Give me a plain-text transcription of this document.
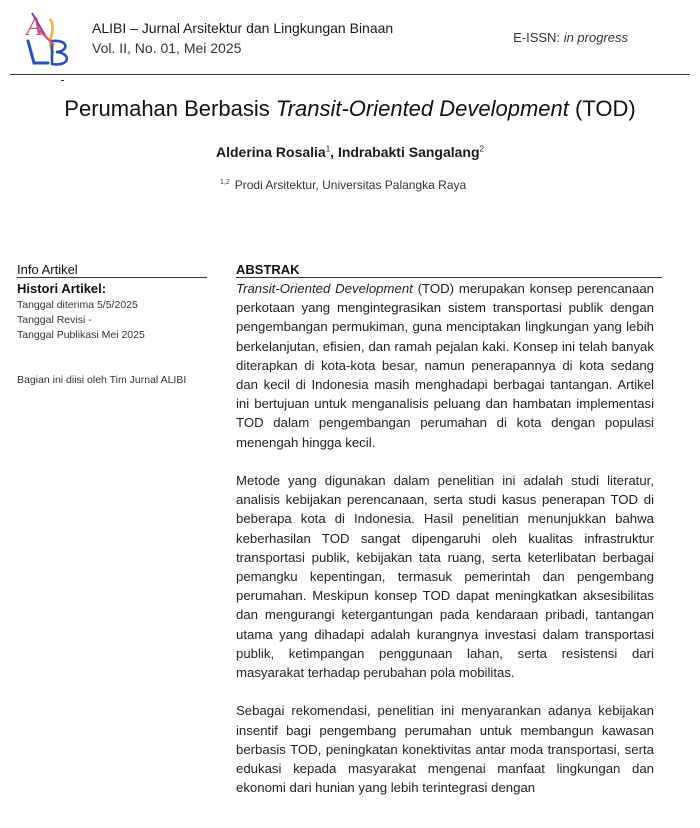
A	ALIBI – Jurnal Arsitektur dan Lingkungan Binaan
Vol. II, No. 01, Mei 2025
E-ISSN: in progress
Perumahan Berbasis Transit-Oriented Development (TOD)
Alderina Rosalia$^1$, Indrabakti Sangalang$^2$
$^{1,2}$ Prodi Arsitektur, Universitas Palangka Raya
Info Artikel
Histori Artikel:
Tanggal diterima 5/5/2025
Tanggal Revisi -
Tanggal Publikasi Mei 2025
Bagian ini diisi oleh Tim Jurnal ALIBI
ABSTRAK

Transit-Oriented Development (TOD) merupakan konsep perencanaan perkotaan yang mengintegrasikan sistem transportasi publik dengan pengembangan permukiman, guna menciptakan lingkungan yang lebih berkelanjutan, efisien, dan ramah pejalan kaki. Konsep ini telah banyak diterapkan di kota-kota besar, namun penerapannya di kota sedang dan kecil di Indonesia masih menghadapi berbagai tantangan. Artikel ini bertujuan untuk menganalisis peluang dan hambatan implementasi TOD dalam pengembangan perumahan di kota dengan populasi menengah hingga kecil.

Metode yang digunakan dalam penelitian ini adalah studi literatur, analisis kebijakan perencanaan, serta studi kasus penerapan TOD di beberapa kota di Indonesia. Hasil penelitian menunjukkan bahwa keberhasilan TOD sangat dipengaruhi oleh kualitas infrastruktur transportasi publik, kebijakan tata ruang, serta keterlibatan berbagai pemangku kepentingan, termasuk pemerintah dan pengembang perumahan. Meskipun konsep TOD dapat meningkatkan aksesibilitas dan mengurangi ketergantungan pada kendaraan pribadi, tantangan utama yang dihadapi adalah kurangnya investasi dalam transportasi publik, ketimpangan penggunaan lahan, serta resistensi dari masyarakat terhadap perubahan pola mobilitas.

Sebagai rekomendasi, penelitian ini menyarankan adanya kebijakan insentif bagi pengembang perumahan untuk membangun kawasan berbasis TOD, peningkatan konektivitas antar moda transportasi, serta edukasi kepada masyarakat mengenai manfaat lingkungan dan ekonomi dari hunian yang lebih terintegrasi dengan
